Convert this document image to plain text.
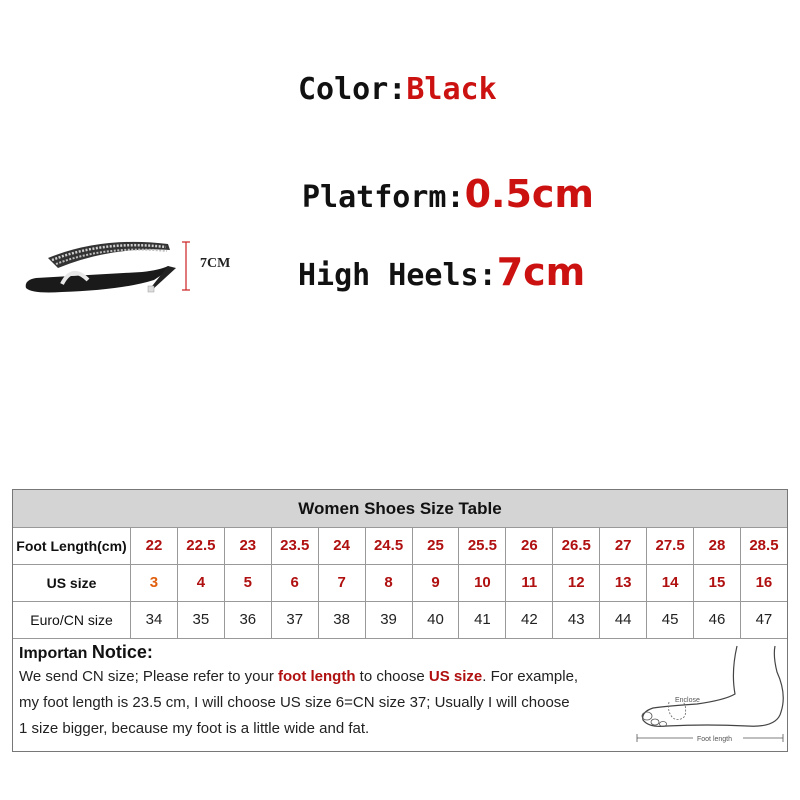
Color:Black
Platform:0.5cm
High Heels:7cm
7CM
Women Shoes Size Table
Foot Length(cm)	22	22.5	23	23.5	24	24.5	25	25.5	26	26.5	27	27.5	28	28.5
US size	3	4	5	6	7	8	9	10	11	12	13	14	15	16
Euro/CN size	34	35	36	37	38	39	40	41	42	43	44	45	46	47
Importan Notice:
We send CN size; Please refer to your foot length to choose US size. For example,
my foot length is 23.5 cm, I will choose US size 6=CN size 37; Usually I will choose
1 size bigger, because my foot is a little wide and fat.
Enclose
Foot length
